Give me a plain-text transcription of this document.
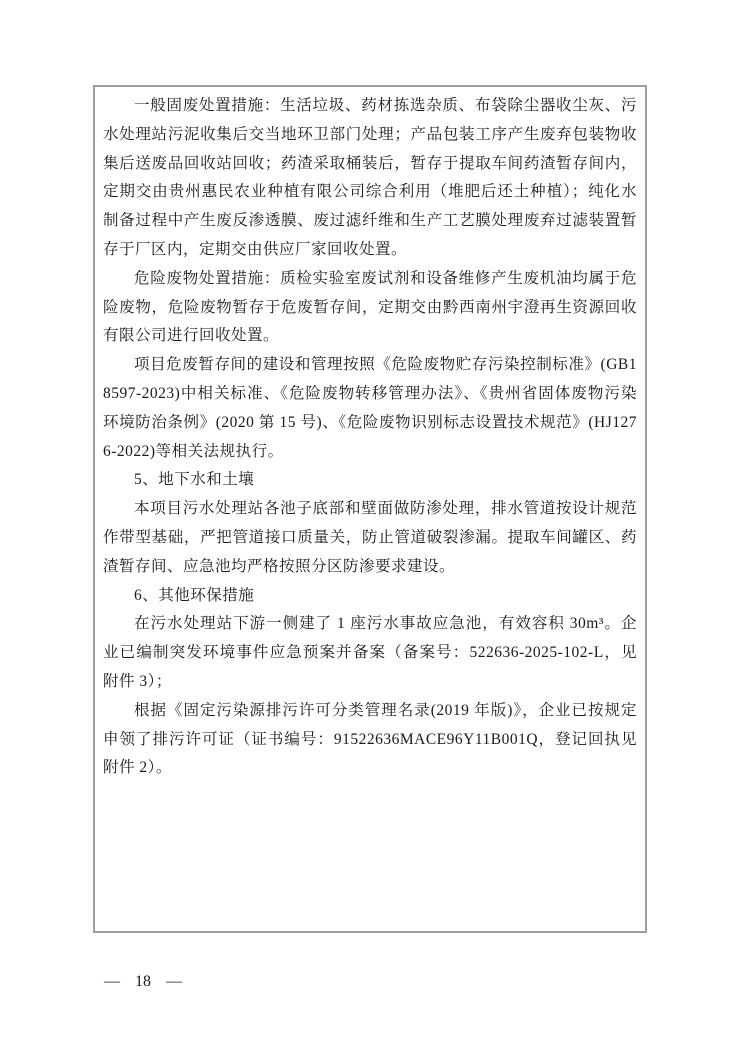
一般固废处置措施：生活垃圾、药材拣选杂质、布袋除尘器收尘灰、污水处理站污泥收集后交当地环卫部门处理；产品包装工序产生废弃包装物收集后送废品回收站回收；药渣采取桶装后，暂存于提取车间药渣暂存间内，定期交由贵州惠民农业种植有限公司综合利用（堆肥后还土种植）；纯化水制备过程中产生废反渗透膜、废过滤纤维和生产工艺膜处理废弃过滤装置暂存于厂区内，定期交由供应厂家回收处置。

危险废物处置措施：质检实验室废试剂和设备维修产生废机油均属于危险废物，危险废物暂存于危废暂存间，定期交由黔西南州宇澄再生资源回收有限公司进行回收处置。

项目危废暂存间的建设和管理按照《危险废物贮存污染控制标准》(GB18597-2023)中相关标准、《危险废物转移管理办法》、《贵州省固体废物污染环境防治条例》(2020 第 15 号)、《危险废物识别标志设置技术规范》(HJ1276-2022)等相关法规执行。

5、地下水和土壤

本项目污水处理站各池子底部和壁面做防渗处理，排水管道按设计规范作带型基础，严把管道接口质量关，防止管道破裂渗漏。提取车间罐区、药渣暂存间、应急池均严格按照分区防渗要求建设。

6、其他环保措施

在污水处理站下游一侧建了 1 座污水事故应急池，有效容积 30m³。企业已编制突发环境事件应急预案并备案（备案号：522636-2025-102-L，见附件 3）；

根据《固定污染源排污许可分类管理名录(2019 年版)》，企业已按规定申领了排污许可证（证书编号：91522636MACE96Y11B001Q，登记回执见附件 2）。

— 18 —
